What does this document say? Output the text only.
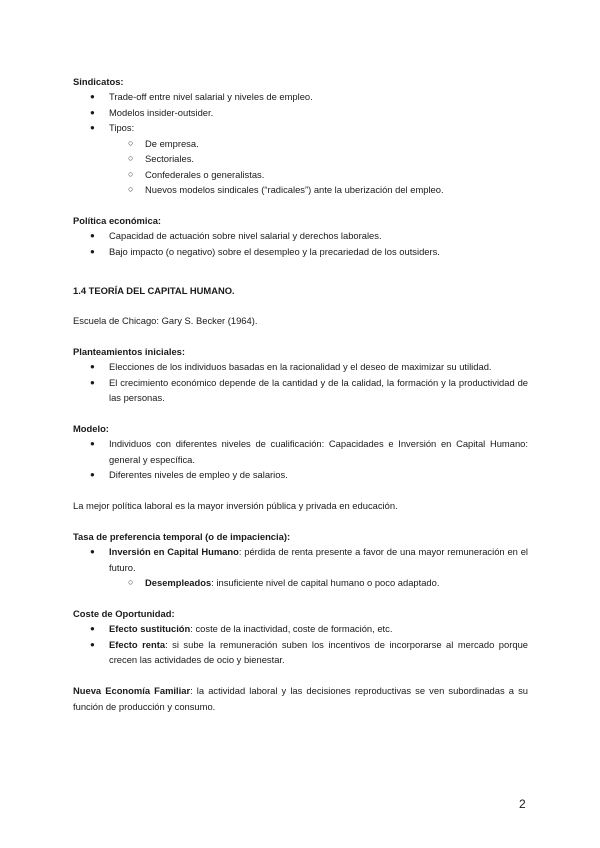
Sindicatos:

● Trade-off entre nivel salarial y niveles de empleo.
● Modelos insider-outsider.
● Tipos:
○ De empresa.
○ Sectoriales.
○ Confederales o generalistas.
○ Nuevos modelos sindicales (“radicales”) ante la uberización del empleo.

Política económica:

● Capacidad de actuación sobre nivel salarial y derechos laborales.
● Bajo impacto (o negativo) sobre el desempleo y la precariedad de los outsiders.

1.4 TEORÍA DEL CAPITAL HUMANO.

Escuela de Chicago: Gary S. Becker (1964).

Planteamientos iniciales:

● Elecciones de los individuos basadas en la racionalidad y el deseo de maximizar su utilidad.
● El crecimiento económico depende de la cantidad y de la calidad, la formación y la productividad de las personas.

Modelo:

● Individuos con diferentes niveles de cualificación: Capacidades e Inversión en Capital Humano: general y específica.
● Diferentes niveles de empleo y de salarios.

La mejor política laboral es la mayor inversión pública y privada en educación.

Tasa de preferencia temporal (o de impaciencia):

● Inversión en Capital Humano: pérdida de renta presente a favor de una mayor remuneración en el futuro.
○ Desempleados: insuficiente nivel de capital humano o poco adaptado.

Coste de Oportunidad:

● Efecto sustitución: coste de la inactividad, coste de formación, etc.
● Efecto renta: si sube la remuneración suben los incentivos de incorporarse al mercado porque crecen las actividades de ocio y bienestar.

Nueva Economía Familiar: la actividad laboral y las decisiones reproductivas se ven subordinadas a su función de producción y consumo.

2
